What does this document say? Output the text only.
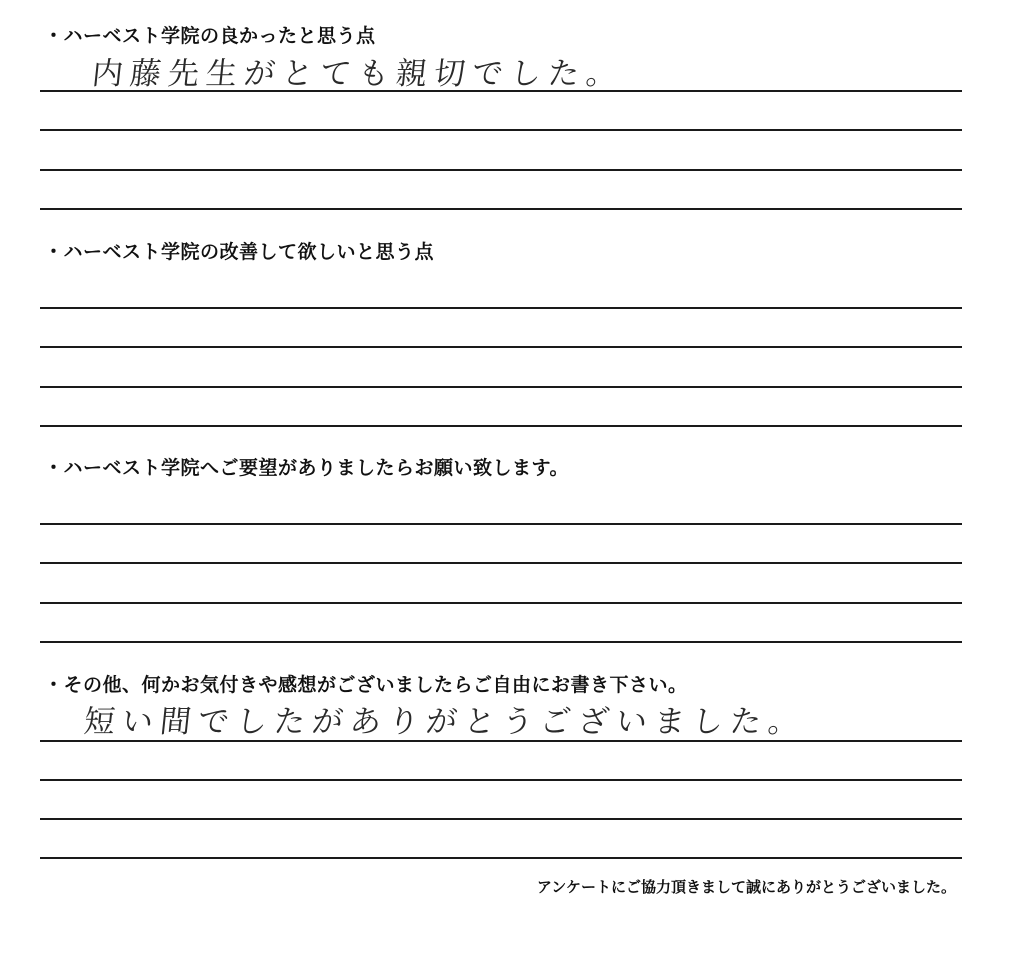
・ハーベスト学院の良かったと思う点

内藤先生がとても親切でした。

・ハーベスト学院の改善して欲しいと思う点

・ハーベスト学院へご要望がありましたらお願い致します。

・その他、何かお気付きや感想がございましたらご自由にお書き下さい。

短い間でしたがありがとうございました。

アンケートにご協力頂きまして誠にありがとうございました。
